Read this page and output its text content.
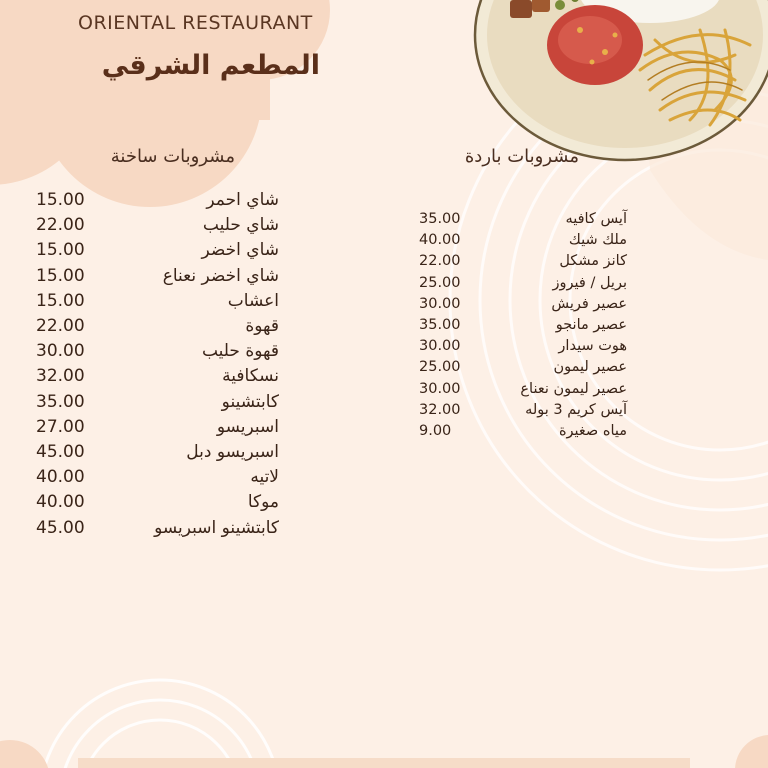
ORIENTAL RESTAURANT
المطعم الشرقي
مشروبات ساخنة	مشروبات باردة
شاي احمر
15.00
شاي حليب
22.00
شاي اخضر
15.00
شاي اخضر نعناع
15.00
اعشاب
15.00
قهوة
22.00
قهوة حليب
30.00
نسكافية
32.00
كابتشينو
35.00
اسبريسو
27.00
اسبريسو دبل
45.00
لاتيه
40.00
موكا
40.00
كابتشينو اسبريسو
45.00
آيس كافيه
35.00
ملك شيك
40.00
كانز مشكل
22.00
بريل / فيروز
25.00
عصير فريش
30.00
عصير مانجو
35.00
هوت سيدار
30.00
عصير ليمون
25.00
عصير ليمون نعناع
30.00
آيس كريم 3 بوله
32.00
مياه صغيرة
9.00
